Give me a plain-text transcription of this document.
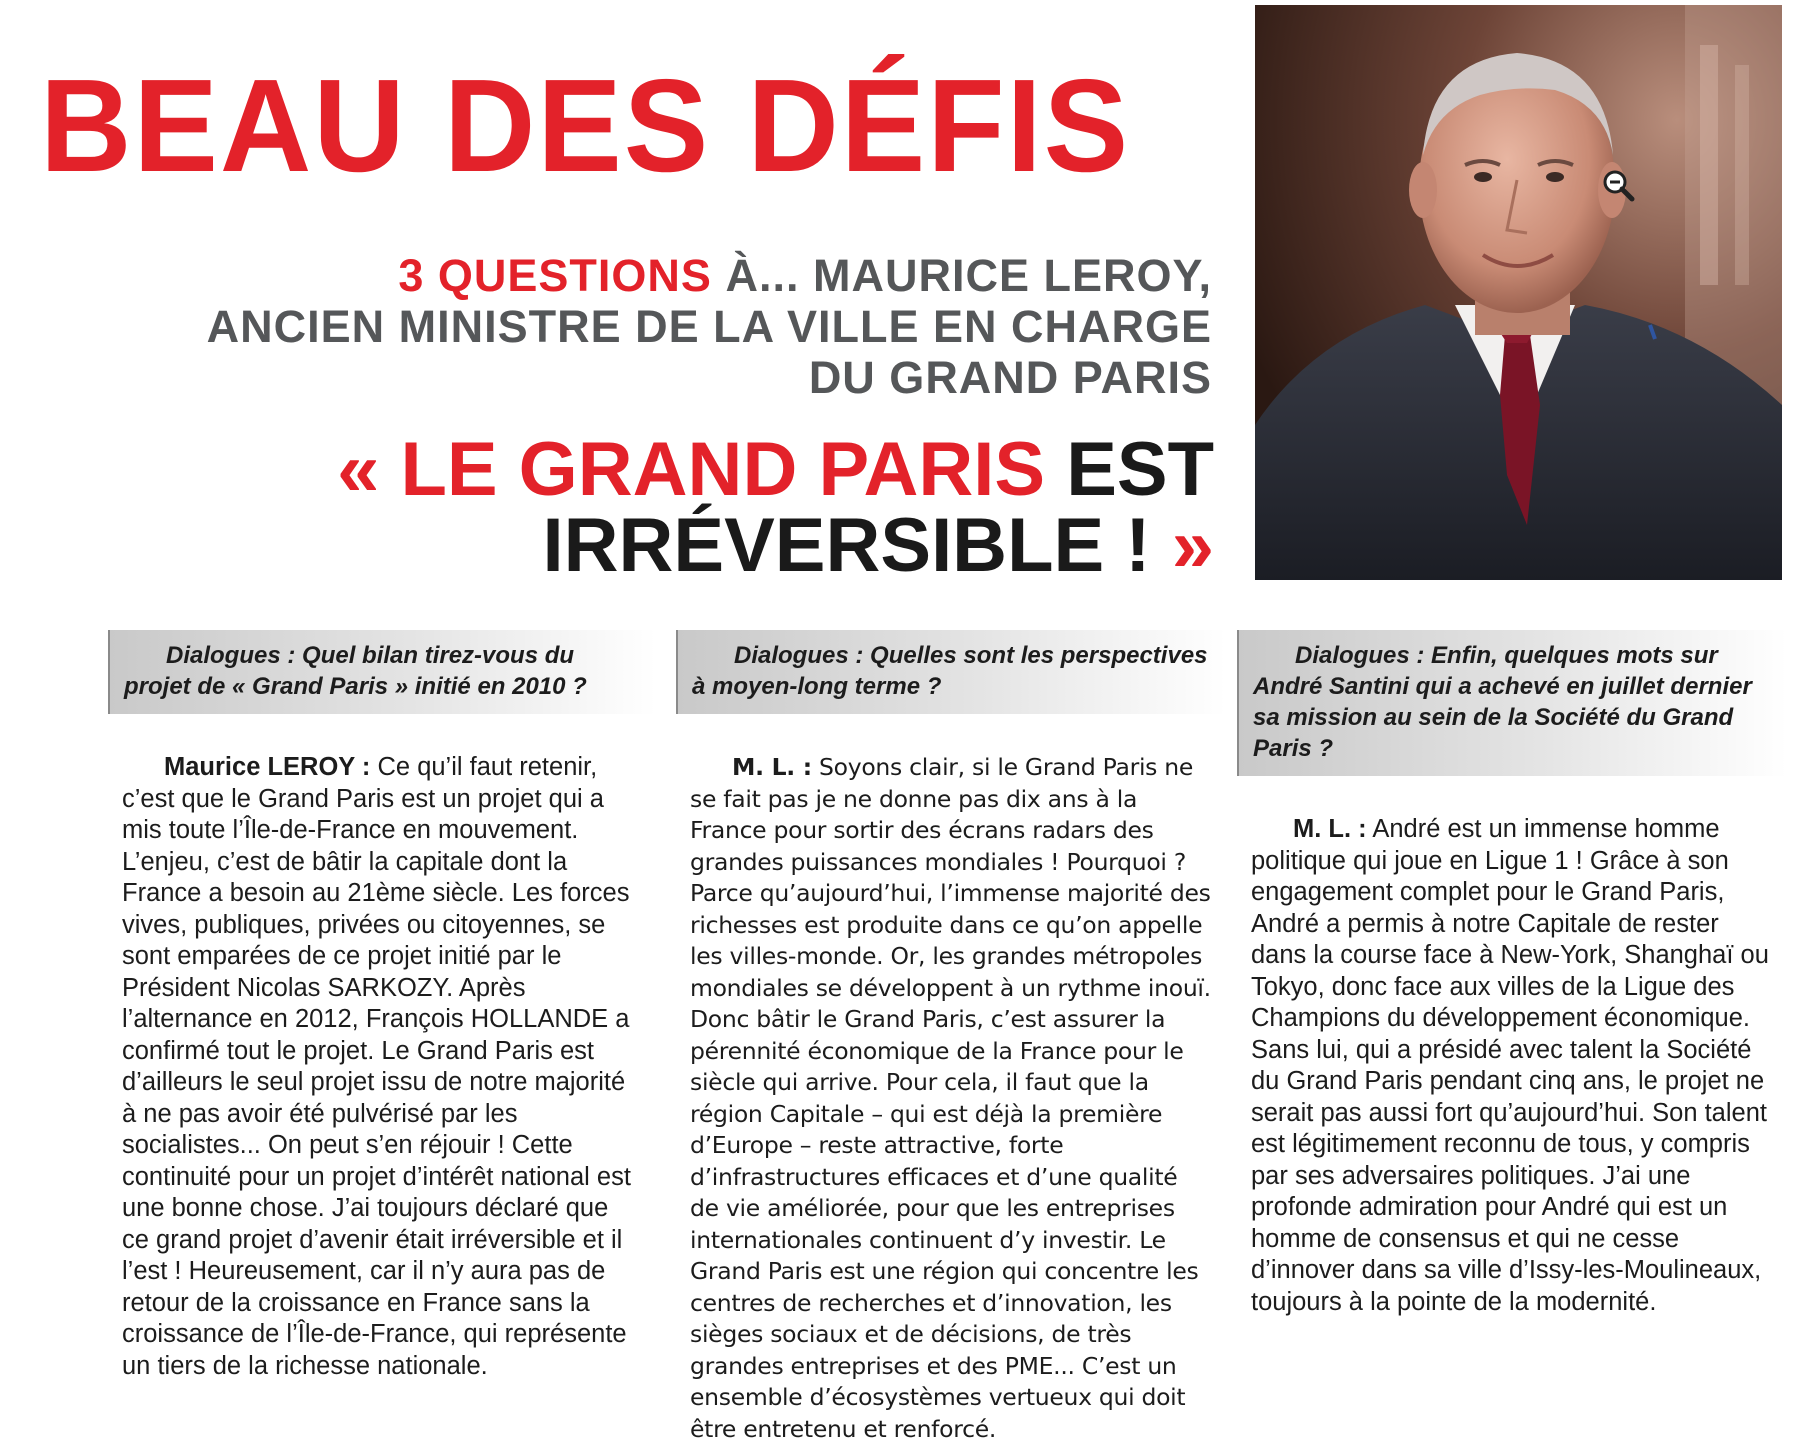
BEAU DES DÉFIS
3 QUESTIONS À... MAURICE LEROY,
ANCIEN MINISTRE DE LA VILLE EN CHARGE
DU GRAND PARIS
« LE GRAND PARIS EST
IRRÉVERSIBLE ! »
Dialogues : Quel bilan tirez-vous du projet de « Grand Paris » initié en 2010 ?
Maurice LEROY : Ce qu’il faut retenir, c’est que le Grand Paris est un projet qui a mis toute l’Île-de-France en mouvement. L’enjeu, c’est de bâtir la capitale dont la France a besoin au 21ème siècle. Les forces vives, publiques, privées ou citoyennes, se sont emparées de ce projet initié par le Président Nicolas SARKOZY. Après l’alternance en 2012, François HOLLANDE a confirmé tout le projet. Le Grand Paris est d’ailleurs le seul projet issu de notre majorité à ne pas avoir été pulvérisé par les socialistes... On peut s’en réjouir ! Cette continuité pour un projet d’intérêt national est une bonne chose. J’ai toujours déclaré que ce grand projet d’avenir était irréversible et il l’est ! Heureusement, car il n’y aura pas de retour de la croissance en France sans la croissance de l’Île-de-France, qui représente un tiers de la richesse nationale.
Dialogues : Quelles sont les perspectives à moyen-long terme ?
M. L. : Soyons clair, si le Grand Paris ne se fait pas je ne donne pas dix ans à la France pour sortir des écrans radars des grandes puissances mondiales ! Pourquoi ? Parce qu’aujourd’hui, l’immense majorité des richesses est produite dans ce qu’on appelle les villes-monde. Or, les grandes métropoles mondiales se développent à un rythme inouï. Donc bâtir le Grand Paris, c’est assurer la pérennité économique de la France pour le siècle qui arrive. Pour cela, il faut que la région Capitale – qui est déjà la première d’Europe – reste attractive, forte d’infrastructures efficaces et d’une qualité de vie améliorée, pour que les entreprises internationales continuent d’y investir. Le Grand Paris est une région qui concentre les centres de recherches et d’innovation, les sièges sociaux et de décisions, de très grandes entreprises et des PME... C’est un ensemble d’écosystèmes vertueux qui doit être entretenu et renforcé.
Dialogues : Enfin, quelques mots sur André Santini qui a achevé en juillet dernier sa mission au sein de la Société du Grand Paris ?
M. L. : André est un immense homme politique qui joue en Ligue 1 ! Grâce à son engagement complet pour le Grand Paris, André a permis à notre Capitale de rester dans la course face à New-York, Shanghaï ou Tokyo, donc face aux villes de la Ligue des Champions du développement économique. Sans lui, qui a présidé avec talent la Société du Grand Paris pendant cinq ans, le projet ne serait pas aussi fort qu’aujourd’hui. Son talent est légitimement reconnu de tous, y compris par ses adversaires politiques. J’ai une profonde admiration pour André qui est un homme de consensus et qui ne cesse d’innover dans sa ville d’Issy-les-Moulineaux, toujours à la pointe de la modernité.
